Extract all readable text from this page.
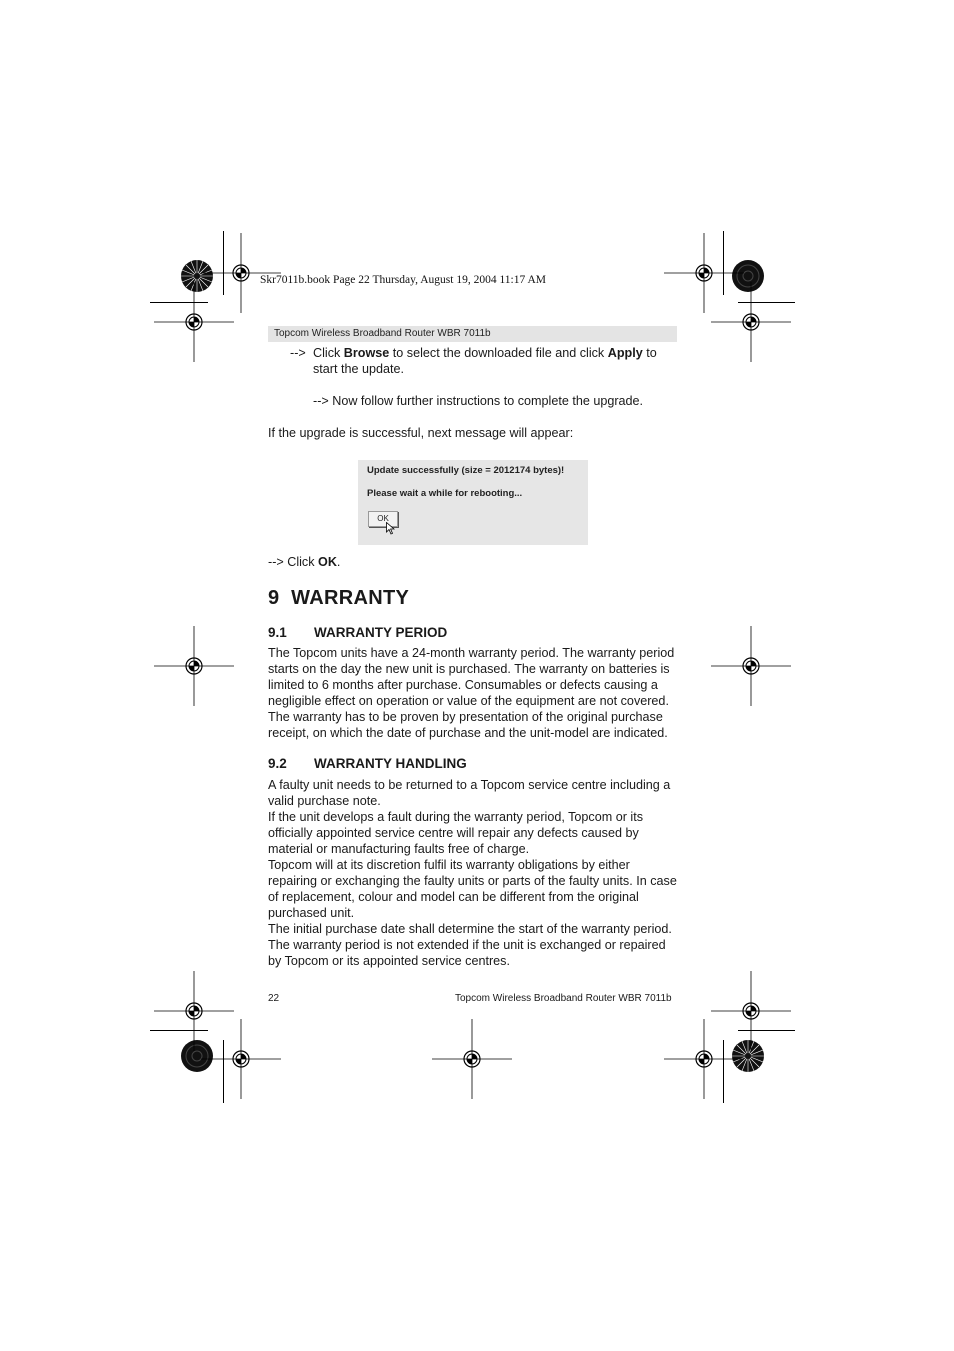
Skr7011b.book Page 22 Thursday, August 19, 2004 11:17 AM
Topcom Wireless Broadband Router WBR 7011b
--> Click Browse to select the downloaded file and click Apply to start the update.
--> Now follow further instructions to complete the upgrade.
If the upgrade is successful, next message will appear:
Update successfully (size = 2012174 bytes)!
Please wait a while for rebooting...
OK
--> Click OK.
9 WARRANTY
9.1 WARRANTY PERIOD
The Topcom units have a 24-month warranty period. The warranty period starts on the day the new unit is purchased. The warranty on batteries is limited to 6 months after purchase. Consumables or defects causing a negligible effect on operation or value of the equipment are not covered. The warranty has to be proven by presentation of the original purchase receipt, on which the date of purchase and the unit-model are indicated.
9.2 WARRANTY HANDLING

A faulty unit needs to be returned to a Topcom service centre including a valid purchase note.

If the unit develops a fault during the warranty period, Topcom or its officially appointed service centre will repair any defects caused by material or manufacturing faults free of charge.

Topcom will at its discretion fulfil its warranty obligations by either repairing or exchanging the faulty units or parts of the faulty units. In case of replacement, colour and model can be different from the original purchased unit.

The initial purchase date shall determine the start of the warranty period. The warranty period is not extended if the unit is exchanged or repaired by Topcom or its appointed service centres.

22	Topcom Wireless Broadband Router WBR 7011b
